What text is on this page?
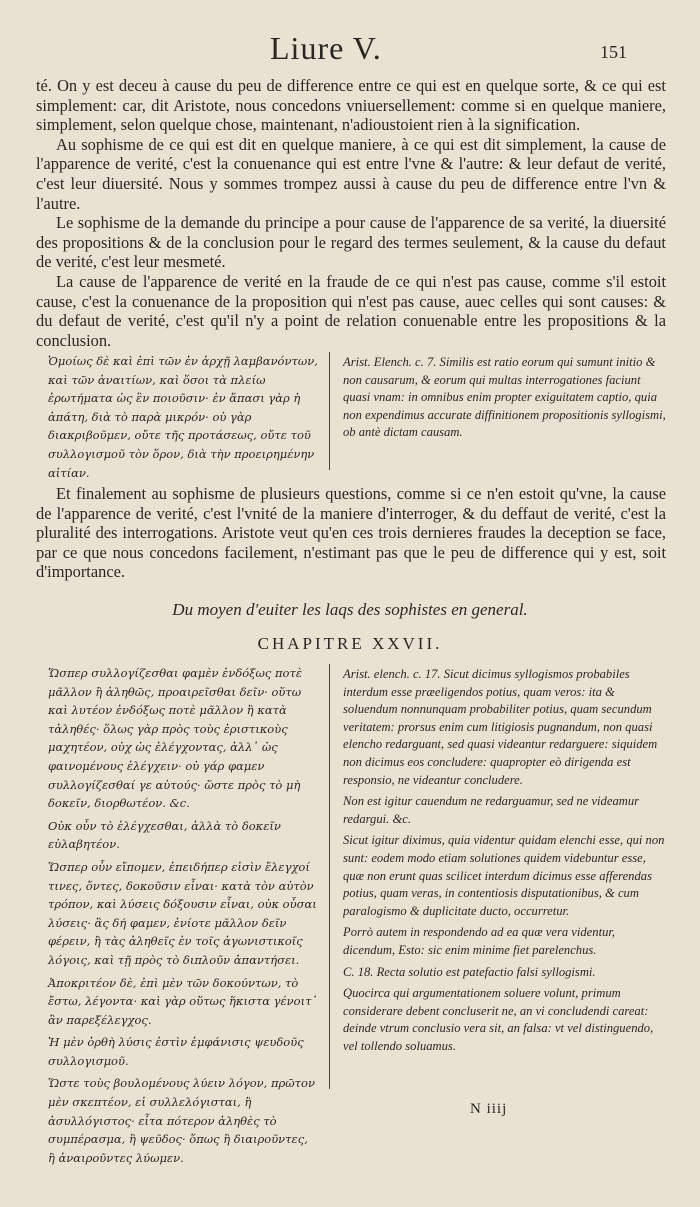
Liure V.	151

té. On y est deceu à cause du peu de difference entre ce qui est en quelque sorte, & ce qui est simplement: car, dit Aristote, nous concedons vniuersellement: comme si en quelque maniere, simplement, selon quelque chose, maintenant, n'adioustoient rien à la signification.

Au sophisme de ce qui est dit en quelque maniere, à ce qui est dit simplement, la cause de l'apparence de verité, c'est la conuenance qui est entre l'vne & l'autre: & leur defaut de verité, c'est leur diuersité. Nous y sommes trompez aussi à cause du peu de difference entre l'vn & l'autre.

Le sophisme de la demande du principe a pour cause de l'apparence de sa verité, la diuersité des propositions & de la conclusion pour le regard des termes seulement, & la cause du defaut de verité, c'est leur mesmeté.

La cause de l'apparence de verité en la fraude de ce qui n'est pas cause, comme s'il estoit cause, c'est la conuenance de la proposition qui n'est pas cause, auec celles qui sont causes: & du defaut de verité, c'est qu'il n'y a point de relation conuenable entre les propositions & la conclusion.

Ὁμοίως δὲ καὶ ἐπὶ τῶν ἐν ἀρχῇ λαμβανόντων, καὶ τῶν ἀναιτίων, καὶ ὅσοι τὰ πλείω ἐρωτήματα ὡς ἓν ποιοῦσιν· ἐν ἅπασι γὰρ ἡ ἀπάτη, διὰ τὸ παρὰ μικρόν· οὐ γὰρ διακριβοῦμεν, οὔτε τῆς προτάσεως, οὔτε τοῦ συλλογισμοῦ τὸν ὅρον, διὰ τὴν προειρημένην αἰτίαν.

Arist. Elench. c. 7. Similis est ratio eorum qui sumunt initio & non causarum, & eorum qui multas interrogationes faciunt quasi vnam: in omnibus enim propter exiguitatem captio, quia non expendimus accurate diffinitionem propositionis syllogismi, ob antè dictam causam.

Et finalement au sophisme de plusieurs questions, comme si ce n'en estoit qu'vne, la cause de l'apparence de verité, c'est l'vnité de la maniere d'interroger, & du deffaut de verité, c'est la pluralité des interrogations. Aristote veut qu'en ces trois dernieres fraudes la deception se face, par ce que nous concedons facilement, n'estimant pas que le peu de difference qui y est, soit d'importance.

Du moyen d'euiter les laqs des sophistes en general.
CHAPITRE XXVII.

Ὥσπερ συλλογίζεσθαι φαμὲν ἐνδόξως ποτὲ μᾶλλον ἢ ἀληθῶς, προαιρεῖσθαι δεῖν· οὕτω καὶ λυτέον ἐνδόξως ποτὲ μᾶλλον ἢ κατὰ τἀληθές· ὅλως γὰρ πρὸς τοὺς ἐριστικοὺς μαχητέον, οὐχ ὡς ἐλέγχοντας, ἀλλ᾽ ὡς φαινομένους ἐλέγχειν· οὐ γάρ φαμεν συλλογίζεσθαί γε αὐτούς· ὥστε πρὸς τὸ μὴ δοκεῖν, διορθωτέον. &c.

Οὐκ οὖν τὸ ἐλέγχεσθαι, ἀλλὰ τὸ δοκεῖν εὐλαβητέον.

Ὥσπερ οὖν εἴπομεν, ἐπειδήπερ εἰσὶν ἔλεγχοί τινες, ὄντες, δοκοῦσιν εἶναι· κατὰ τὸν αὐτὸν τρόπον, καὶ λύσεις δόξουσιν εἶναι, οὐκ οὖσαι λύσεις· ἃς δή φαμεν, ἐνίοτε μᾶλλον δεῖν φέρειν, ἢ τὰς ἀληθεῖς ἐν τοῖς ἀγωνιστικοῖς λόγοις, καὶ τῇ πρὸς τὸ διπλοῦν ἀπαντήσει.

Ἀποκριτέον δὲ, ἐπὶ μὲν τῶν δοκούντων, τὸ ἔστω, λέγοντα· καὶ γὰρ οὕτως ἥκιστα γένοιτ᾽ ἂν παρεξέλεγχος.

Ἡ μὲν ὀρθὴ λύσις ἐστὶν ἐμφάνισις ψευδοῦς συλλογισμοῦ.

Ὥστε τοὺς βουλομένους λύειν λόγον, πρῶτον μὲν σκεπτέον, εἰ συλλελόγισται, ἢ ἀσυλλόγιστος· εἶτα πότερον ἀληθὲς τὸ συμπέρασμα, ἢ ψεῦδος· ὅπως ἢ διαιροῦντες, ἢ ἀναιροῦντες λύωμεν.

Arist. elench. c. 17. Sicut dicimus syllogismos probabiles interdum esse præeligendos potius, quam veros: ita & soluendum nonnunquam probabiliter potius, quam secundum veritatem: prorsus enim cum litigiosis pugnandum, non quasi elencho redarguant, sed quasi videantur redarguere: siquidem non dicimus eos concludere: quapropter eò dirigenda est responsio, ne videantur concludere.

Non est igitur cauendum ne redarguamur, sed ne videamur redargui. &c.

Sicut igitur diximus, quia videntur quidam elenchi esse, qui non sunt: eodem modo etiam solutiones quidem videbuntur esse, quæ non erunt quas scilicet interdum dicimus esse afferendas potius, quam veras, in contentiosis disputationibus, & cum paralogismo & duplicitate ducto, occurretur.

Porrò autem in respondendo ad ea quæ vera videntur, dicendum, Esto: sic enim minime fiet parelenchus.

C. 18. Recta solutio est patefactio falsi syllogismi.

Quocirca qui argumentationem soluere volunt, primum considerare debent concluserit ne, an vi concludendi careat: deinde vtrum conclusio vera sit, an falsa: vt vel distinguendo, vel tollendo soluamus.

N iiij
